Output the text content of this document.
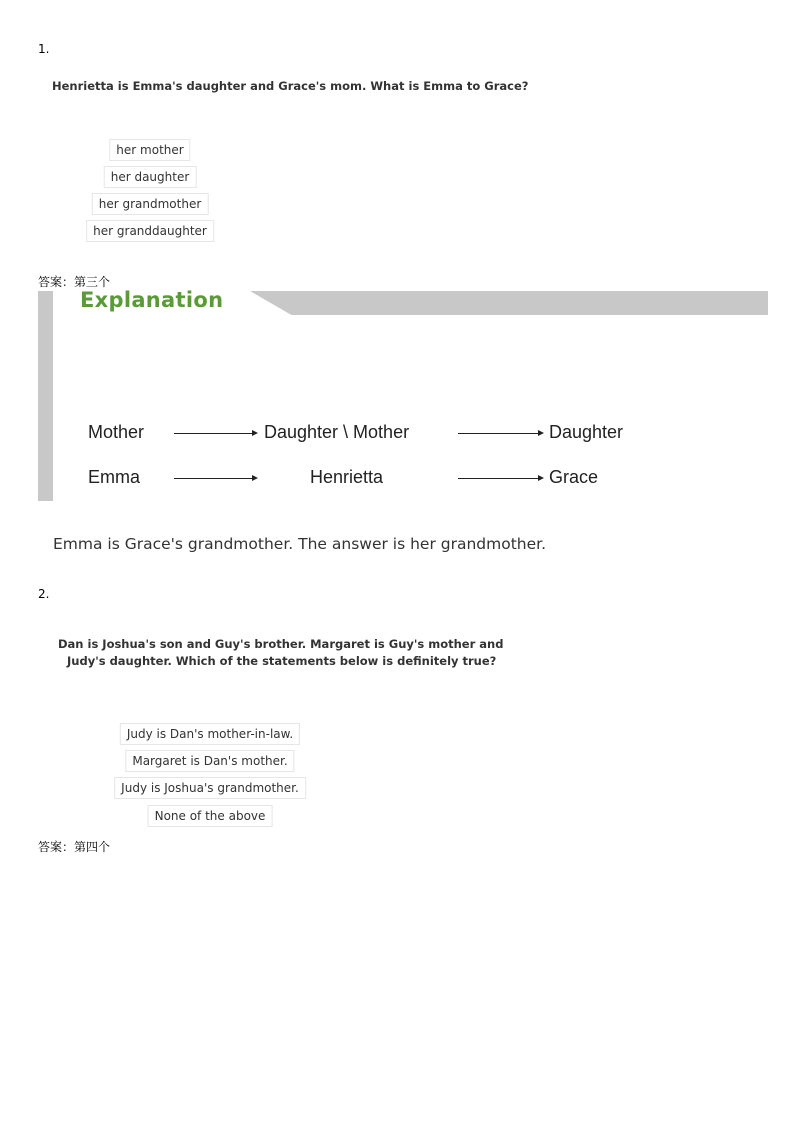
1.
Henrietta is Emma's daughter and Grace's mom. What is Emma to Grace?
her mother
her daughter
her grandmother
her granddaughter
答案：第三个
Explanation
Mother	Daughter \ Mother	Daughter
Emma	Henrietta	Grace
Emma is Grace's grandmother. The answer is her grandmother.
2.
Dan is Joshua's son and Guy's brother. Margaret is Guy's mother and
Judy's daughter. Which of the statements below is definitely true?
Judy is Dan's mother-in-law.
Margaret is Dan's mother.
Judy is Joshua's grandmother.
None of the above
答案：第四个
